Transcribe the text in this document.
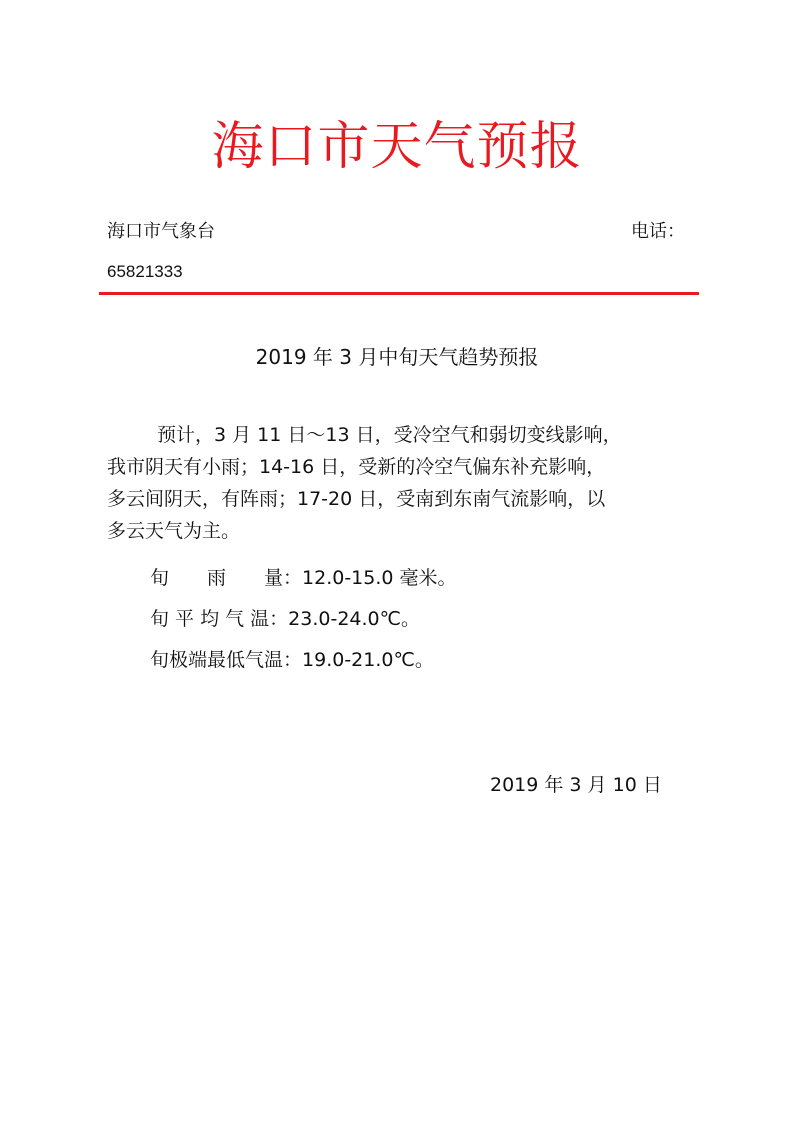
海口市天气预报
海口市气象台	电话：
65821333
2019 年 3 月中旬天气趋势预报
预计，3 月 11 日～13 日，受冷空气和弱切变线影响，
我市阴天有小雨；14-16 日，受新的冷空气偏东补充影响，
多云间阴天，有阵雨；17-20 日，受南到东南气流影响，以
多云天气为主。
旬　　雨　　量：12.0-15.0 毫米。
旬 平 均 气 温：23.0-24.0℃。
旬极端最低气温：19.0-21.0℃。
2019 年 3 月 10 日
